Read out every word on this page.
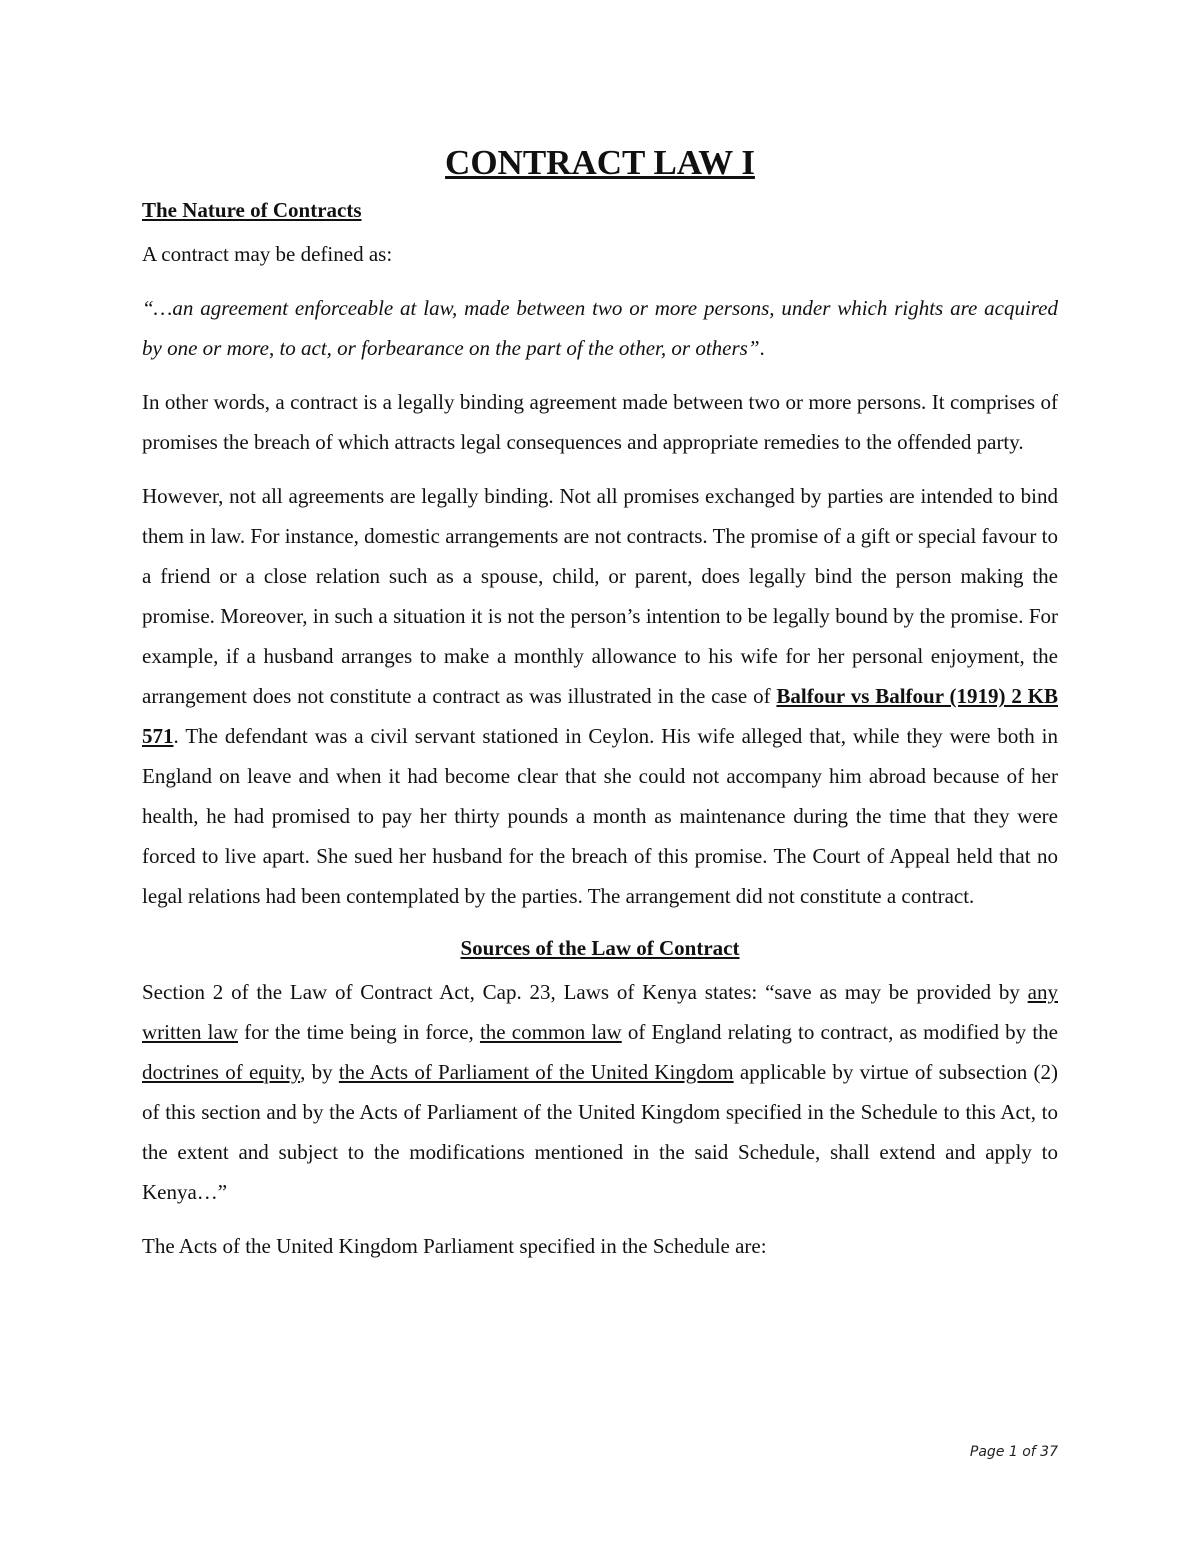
CONTRACT LAW I
The Nature of Contracts

A contract may be defined as:

“…an agreement enforceable at law, made between two or more persons, under which rights are acquired by one or more, to act, or forbearance on the part of the other, or others”.

In other words, a contract is a legally binding agreement made between two or more persons. It comprises of promises the breach of which attracts legal consequences and appropriate remedies to the offended party.

However, not all agreements are legally binding. Not all promises exchanged by parties are intended to bind them in law. For instance, domestic arrangements are not contracts. The promise of a gift or special favour to a friend or a close relation such as a spouse, child, or parent, does legally bind the person making the promise. Moreover, in such a situation it is not the person’s intention to be legally bound by the promise. For example, if a husband arranges to make a monthly allowance to his wife for her personal enjoyment, the arrangement does not constitute a contract as was illustrated in the case of Balfour vs Balfour (1919) 2 KB 571. The defendant was a civil servant stationed in Ceylon. His wife alleged that, while they were both in England on leave and when it had become clear that she could not accompany him abroad because of her health, he had promised to pay her thirty pounds a month as maintenance during the time that they were forced to live apart. She sued her husband for the breach of this promise. The Court of Appeal held that no legal relations had been contemplated by the parties. The arrangement did not constitute a contract.

Sources of the Law of Contract

Section 2 of the Law of Contract Act, Cap. 23, Laws of Kenya states: “save as may be provided by any written law for the time being in force, the common law of England relating to contract, as modified by the doctrines of equity, by the Acts of Parliament of the United Kingdom applicable by virtue of subsection (2) of this section and by the Acts of Parliament of the United Kingdom specified in the Schedule to this Act, to the extent and subject to the modifications mentioned in the said Schedule, shall extend and apply to Kenya…”

The Acts of the United Kingdom Parliament specified in the Schedule are:

Page 1 of 37
